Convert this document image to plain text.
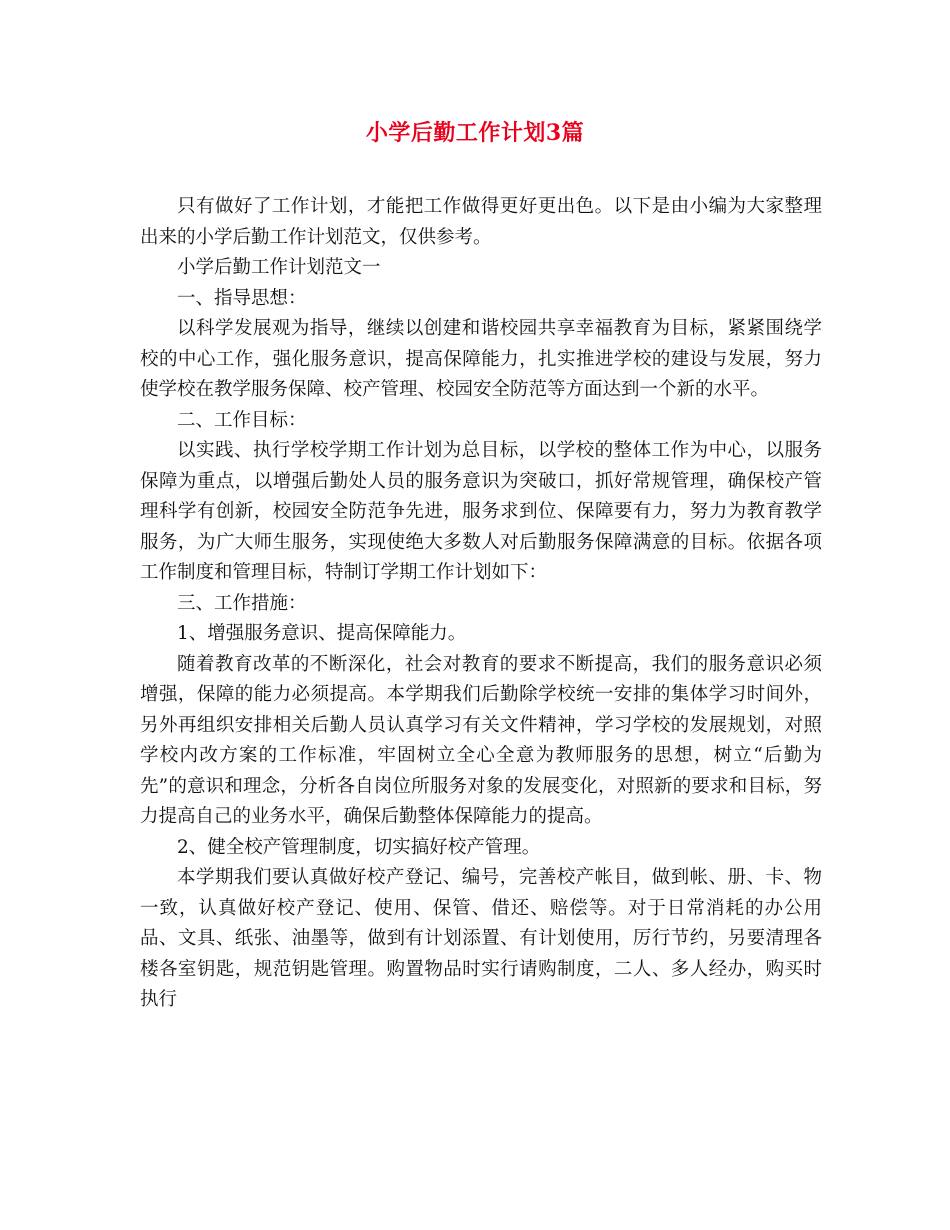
小学后勤工作计划3篇

只有做好了工作计划，才能把工作做得更好更出色。以下是由小编为大家整理出来的小学后勤工作计划范文，仅供参考。

小学后勤工作计划范文一

一、指导思想：

以科学发展观为指导，继续以创建和谐校园共享幸福教育为目标，紧紧围绕学校的中心工作，强化服务意识，提高保障能力，扎实推进学校的建设与发展，努力使学校在教学服务保障、校产管理、校园安全防范等方面达到一个新的水平。

二、工作目标：

以实践、执行学校学期工作计划为总目标，以学校的整体工作为中心，以服务保障为重点，以增强后勤处人员的服务意识为突破口，抓好常规管理，确保校产管理科学有创新，校园安全防范争先进，服务求到位、保障要有力，努力为教育教学服务，为广大师生服务，实现使绝大多数人对后勤服务保障满意的目标。依据各项工作制度和管理目标，特制订学期工作计划如下：

三、工作措施：

1、增强服务意识、提高保障能力。

随着教育改革的不断深化，社会对教育的要求不断提高，我们的服务意识必须增强，保障的能力必须提高。本学期我们后勤除学校统一安排的集体学习时间外，另外再组织安排相关后勤人员认真学习有关文件精神，学习学校的发展规划，对照学校内改方案的工作标准，牢固树立全心全意为教师服务的思想，树立“后勤为先”的意识和理念，分析各自岗位所服务对象的发展变化，对照新的要求和目标，努力提高自己的业务水平，确保后勤整体保障能力的提高。

2、健全校产管理制度，切实搞好校产管理。

本学期我们要认真做好校产登记、编号，完善校产帐目，做到帐、册、卡、物一致，认真做好校产登记、使用、保管、借还、赔偿等。对于日常消耗的办公用品、文具、纸张、油墨等，做到有计划添置、有计划使用，厉行节约，另要清理各楼各室钥匙，规范钥匙管理。购置物品时实行请购制度，二人、多人经办，购买时执行
